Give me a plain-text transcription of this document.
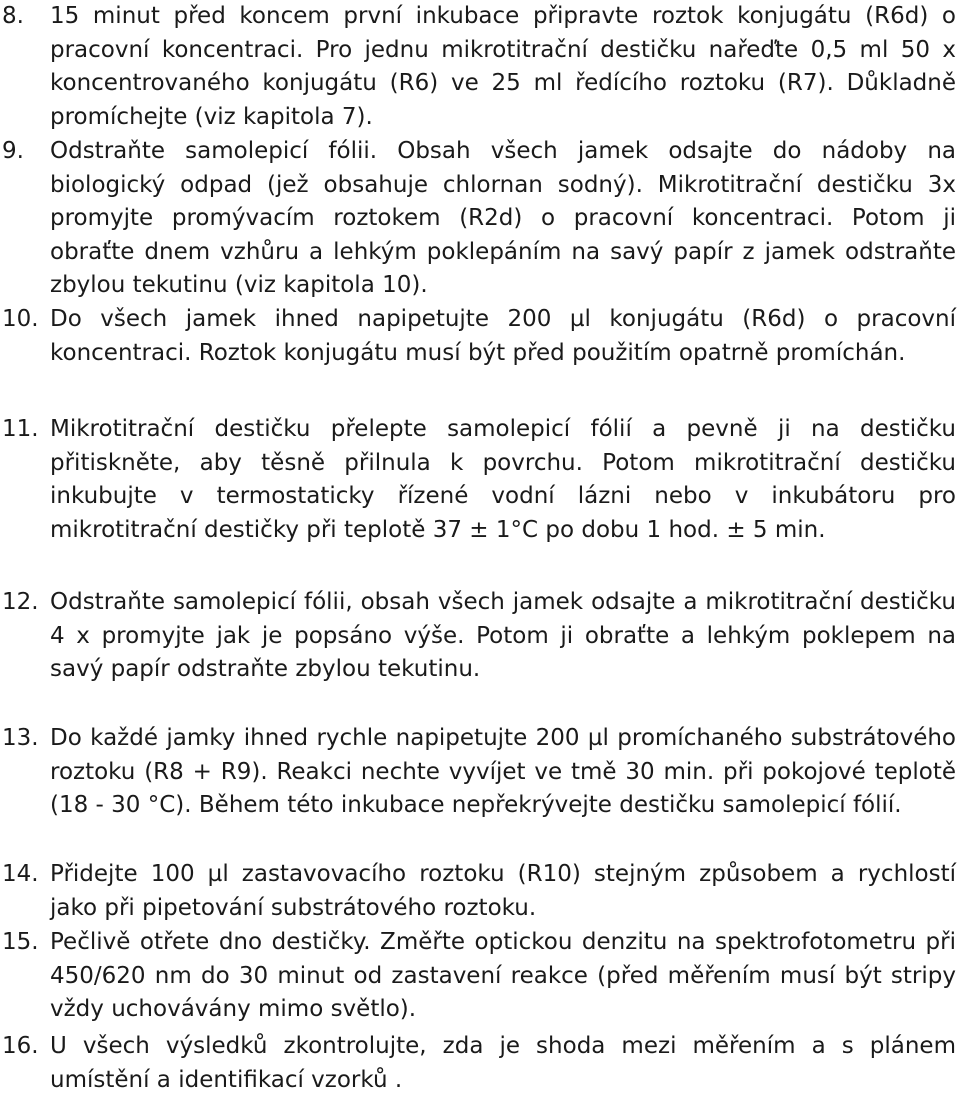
8. 15 minut před koncem první inkubace připravte roztok konjugátu (R6d) o pracovní koncentraci. Pro jednu mikrotitrační destičku nařeďte 0,5 ml 50 x koncentrovaného konjugátu (R6) ve 25 ml ředícího roztoku (R7). Důkladně promíchejte (viz kapitola 7).
9. Odstraňte samolepicí fólii. Obsah všech jamek odsajte do nádoby na biologický odpad (jež obsahuje chlornan sodný). Mikrotitrační destičku 3x promyjte promývacím roztokem (R2d) o pracovní koncentraci. Potom ji obraťte dnem vzhůru a lehkým poklepáním na savý papír z jamek odstraňte zbylou tekutinu (viz kapitola 10).
10. Do všech jamek ihned napipetujte 200 µl konjugátu (R6d) o pracovní koncentraci. Roztok konjugátu musí být před použitím opatrně promíchán.
11. Mikrotitrační destičku přelepte samolepicí fólií a pevně ji na destičku přitiskněte, aby těsně přilnula k povrchu. Potom mikrotitrační destičku inkubujte v termostaticky řízené vodní lázni nebo v inkubátoru pro mikrotitrační destičky při teplotě 37 ± 1°C po dobu 1 hod. ± 5 min.
12. Odstraňte samolepicí fólii, obsah všech jamek odsajte a mikrotitrační destičku 4 x promyjte jak je popsáno výše. Potom ji obraťte a lehkým poklepem na savý papír odstraňte zbylou tekutinu.
13. Do každé jamky ihned rychle napipetujte 200 µl promíchaného substrátového roztoku (R8 + R9). Reakci nechte vyvíjet ve tmě 30 min. při pokojové teplotě (18 - 30 °C). Během této inkubace nepřekrývejte destičku samolepicí fólií.
14. Přidejte 100 µl zastavovacího roztoku (R10) stejným způsobem a rychlostí jako při pipetování substrátového roztoku.
15. Pečlivě otřete dno destičky. Změřte optickou denzitu na spektrofotometru při 450/620 nm do 30 minut od zastavení reakce (před měřením musí být stripy vždy uchovávány mimo světlo).
16. U všech výsledků zkontrolujte, zda je shoda mezi měřením a s plánem umístění a identifikací vzorků .
